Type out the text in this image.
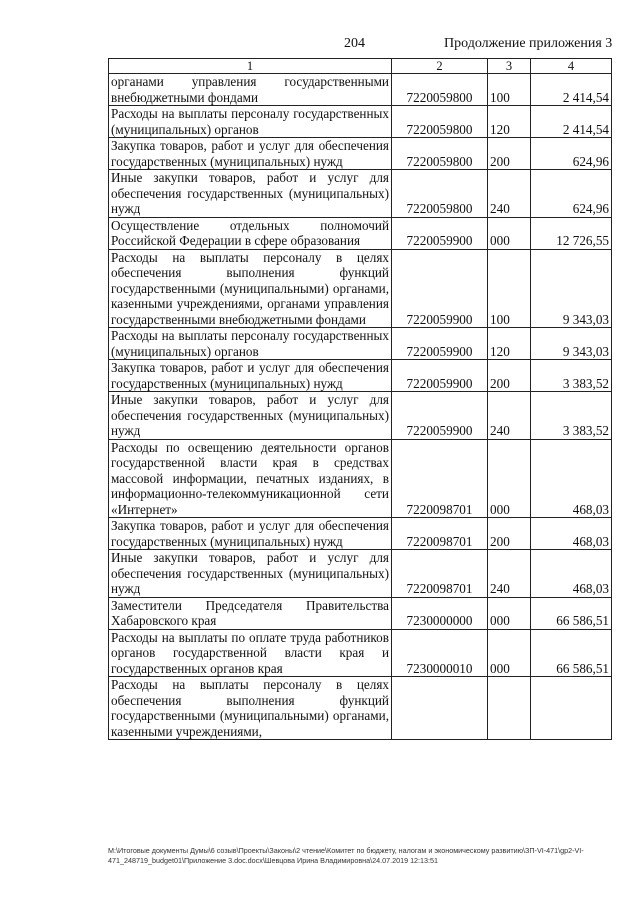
204	Продолжение приложения 3
1	2	3	4
органами управления государственными внебюджетными фондами	7220059800	100	2 414,54
Расходы на выплаты персоналу государственных (муниципальных) органов	7220059800	120	2 414,54
Закупка товаров, работ и услуг для обеспечения государственных (муниципальных) нужд	7220059800	200	624,96
Иные закупки товаров, работ и услуг для обеспечения государственных (муниципальных) нужд	7220059800	240	624,96
Осуществление отдельных полномочий Российской Федерации в сфере образования	7220059900	000	12 726,55
Расходы на выплаты персоналу в целях обеспечения выполнения функций государственными (муниципальными) органами, казенными учреждениями, органами управления государственными внебюджетными фондами	7220059900	100	9 343,03
Расходы на выплаты персоналу государственных (муниципальных) органов	7220059900	120	9 343,03
Закупка товаров, работ и услуг для обеспечения государственных (муниципальных) нужд	7220059900	200	3 383,52
Иные закупки товаров, работ и услуг для обеспечения государственных (муниципальных) нужд	7220059900	240	3 383,52
Расходы по освещению деятельности органов государственной власти края в средствах массовой информации, печатных изданиях, в информационно-телекоммуникационной сети «Интернет»	7220098701	000	468,03
Закупка товаров, работ и услуг для обеспечения государственных (муниципальных) нужд	7220098701	200	468,03
Иные закупки товаров, работ и услуг для обеспечения государственных (муниципальных) нужд	7220098701	240	468,03
Заместители Председателя Правительства Хабаровского края	7230000000	000	66 586,51
Расходы на выплаты по оплате труда работников органов государственной власти края и государственных органов края	7230000010	000	66 586,51
Расходы на выплаты персоналу в целях обеспечения выполнения функций государственными (муниципальными) органами, казенными учреждениями,			
М:\Итоговые документы Думы\6 созыв\Проекты\Законы\2 чтение\Комитет по бюджету, налогам и экономическому развитию\ЗП-VI-471\gp2-VI-
471_248719_budget01\Приложение 3.doc.docx\Шевцова Ирина Владимировна\24.07.2019 12:13:51
